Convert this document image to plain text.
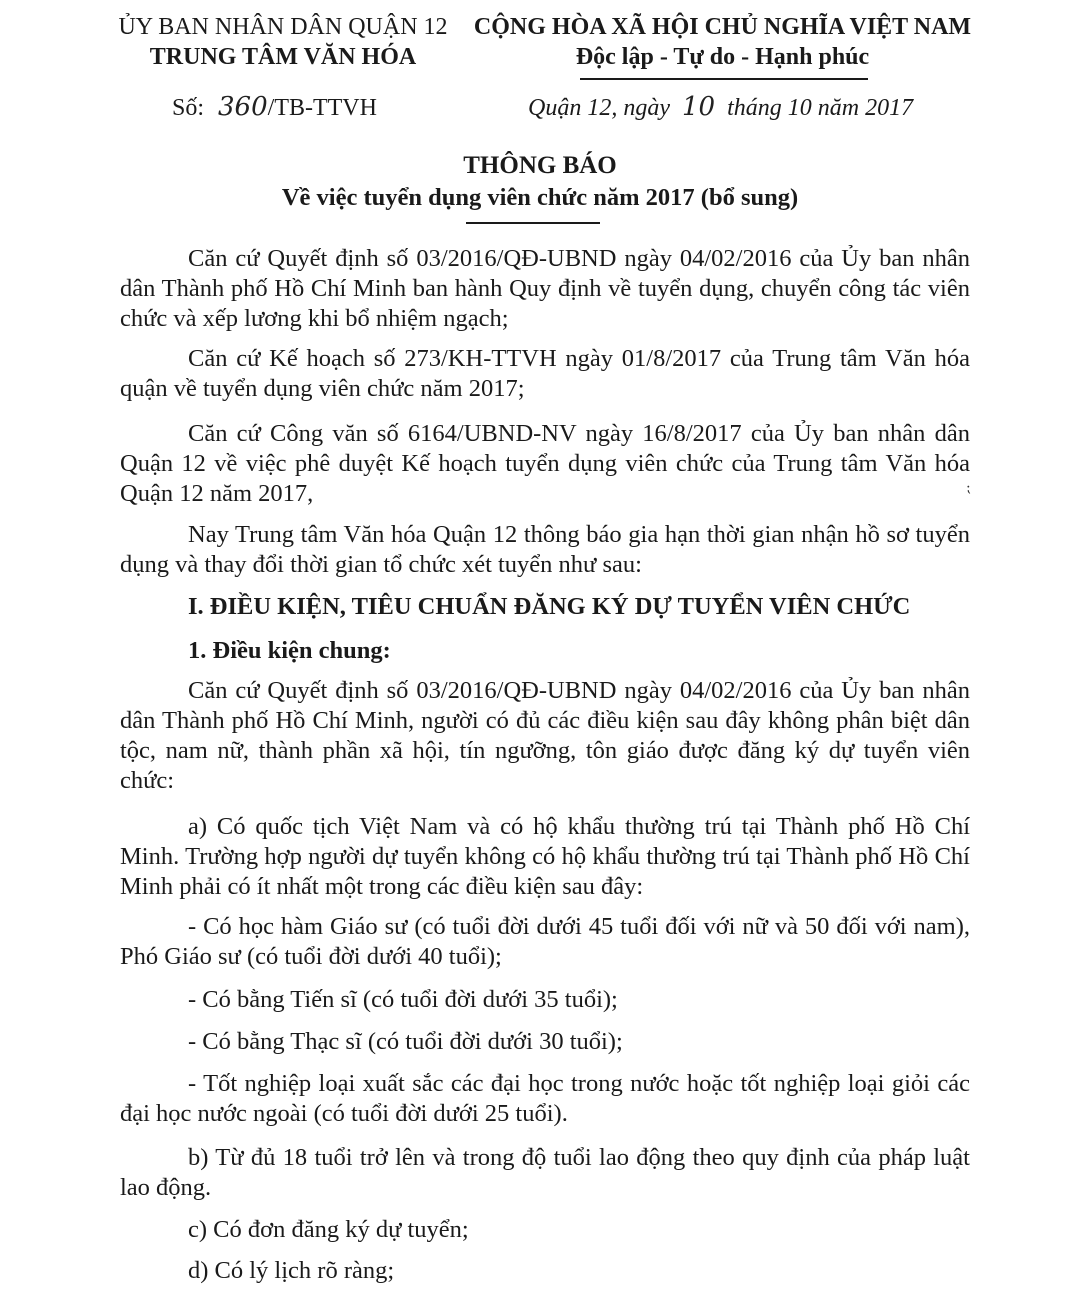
ỦY BAN NHÂN DÂN QUẬN 12
TRUNG TÂM VĂN HÓA
CỘNG HÒA XÃ HỘI CHỦ NGHĨA VIỆT NAM
Độc lập - Tự do - Hạnh phúc
Số: 360/TB-TTVH	Quận 12, ngày 10 tháng 10 năm 2017
THÔNG BÁO
Về việc tuyển dụng viên chức năm 2017 (bổ sung)

Căn cứ Quyết định số 03/2016/QĐ-UBND ngày 04/02/2016 của Ủy ban nhân dân Thành phố Hồ Chí Minh ban hành Quy định về tuyển dụng, chuyển công tác viên chức và xếp lương khi bổ nhiệm ngạch;

Căn cứ Kế hoạch số 273/KH-TTVH ngày 01/8/2017 của Trung tâm Văn hóa quận về tuyển dụng viên chức năm 2017;

Căn cứ Công văn số 6164/UBND-NV ngày 16/8/2017 của Ủy ban nhân dân Quận 12 về việc phê duyệt Kế hoạch tuyển dụng viên chức của Trung tâm Văn hóa Quận 12 năm 2017,	⁏

Nay Trung tâm Văn hóa Quận 12 thông báo gia hạn thời gian nhận hồ sơ tuyển dụng và thay đổi thời gian tổ chức xét tuyển như sau:

I. ĐIỀU KIỆN, TIÊU CHUẨN ĐĂNG KÝ DỰ TUYỂN VIÊN CHỨC
1. Điều kiện chung:

Căn cứ Quyết định số 03/2016/QĐ-UBND ngày 04/02/2016 của Ủy ban nhân dân Thành phố Hồ Chí Minh, người có đủ các điều kiện sau đây không phân biệt dân tộc, nam nữ, thành phần xã hội, tín ngưỡng, tôn giáo được đăng ký dự tuyển viên chức:

a) Có quốc tịch Việt Nam và có hộ khẩu thường trú tại Thành phố Hồ Chí Minh. Trường hợp người dự tuyển không có hộ khẩu thường trú tại Thành phố Hồ Chí Minh phải có ít nhất một trong các điều kiện sau đây:

- Có học hàm Giáo sư (có tuổi đời dưới 45 tuổi đối với nữ và 50 đối với nam), Phó Giáo sư (có tuổi đời dưới 40 tuổi);

- Có bằng Tiến sĩ (có tuổi đời dưới 35 tuổi);

- Có bằng Thạc sĩ (có tuổi đời dưới 30 tuổi);

- Tốt nghiệp loại xuất sắc các đại học trong nước hoặc tốt nghiệp loại giỏi các đại học nước ngoài (có tuổi đời dưới 25 tuổi).

b) Từ đủ 18 tuổi trở lên và trong độ tuổi lao động theo quy định của pháp luật lao động.

c) Có đơn đăng ký dự tuyển;

d) Có lý lịch rõ ràng;
